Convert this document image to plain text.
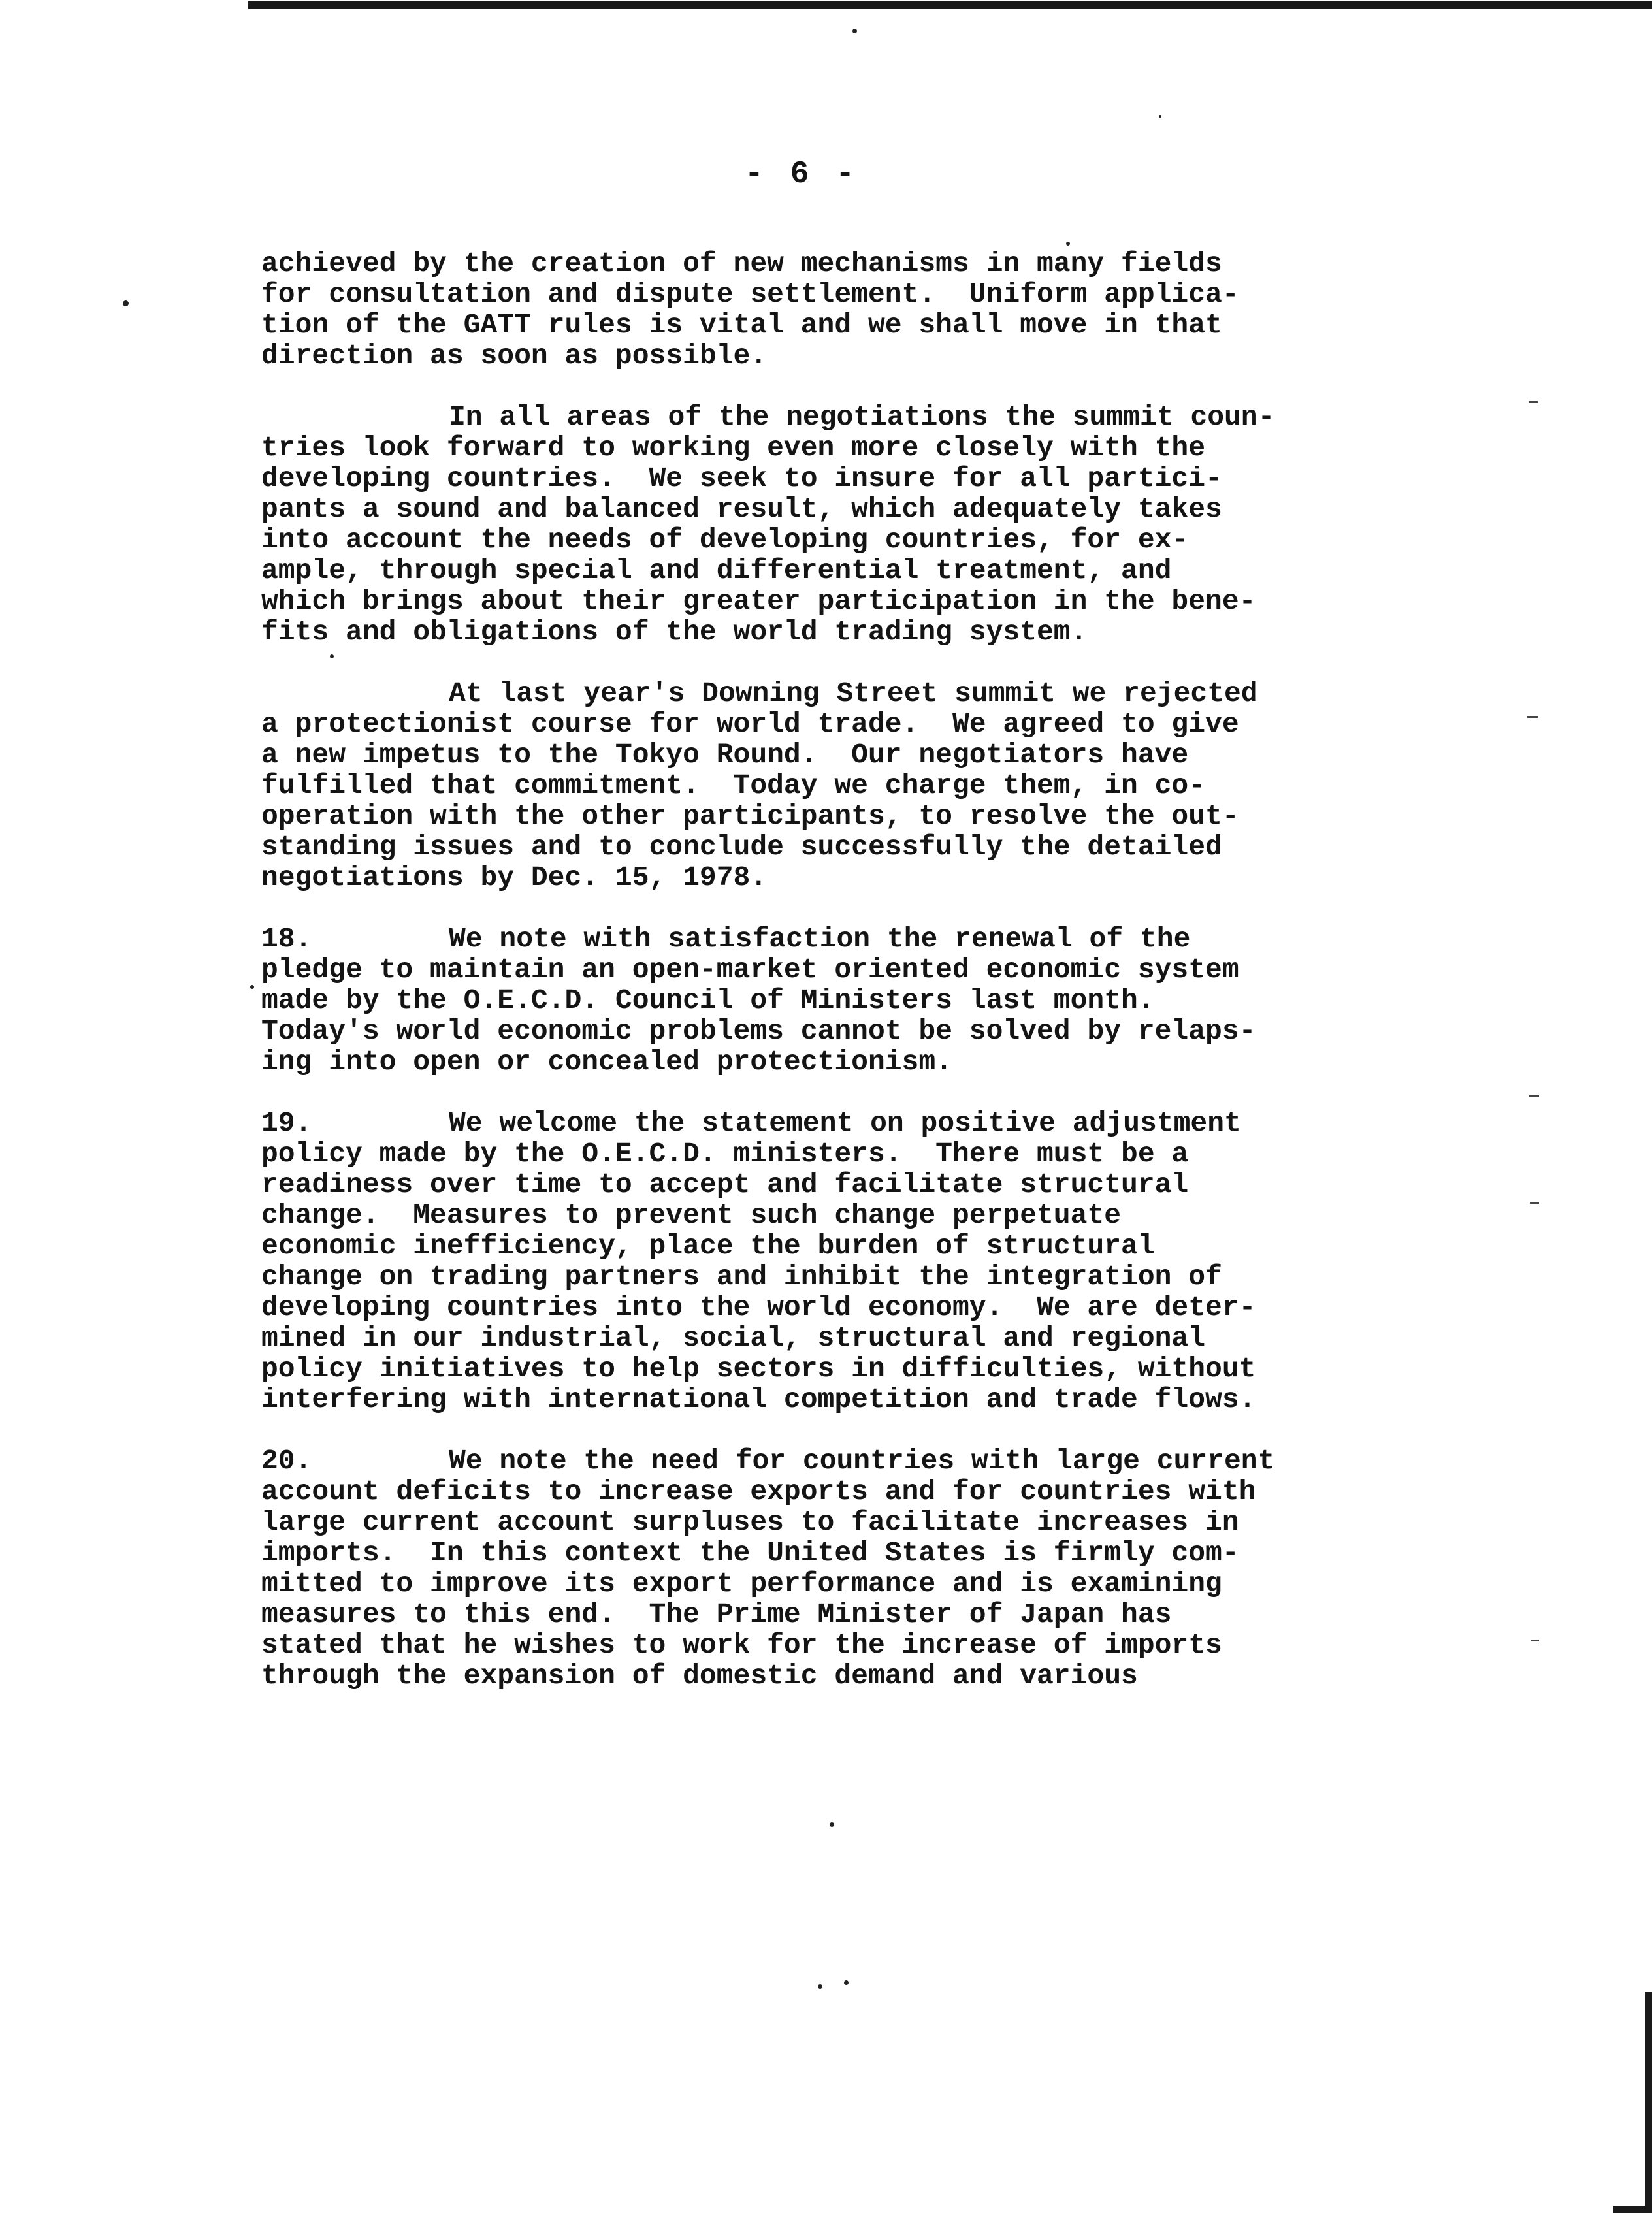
- 6 -
achieved by the creation of new mechanisms in many fields
for consultation and dispute settlement.  Uniform applica-
tion of the GATT rules is vital and we shall move in that
direction as soon as possible.
In all areas of the negotiations the summit coun-
tries look forward to working even more closely with the
developing countries.  We seek to insure for all partici-
pants a sound and balanced result, which adequately takes
into account the needs of developing countries, for ex-
ample, through special and differential treatment, and
which brings about their greater participation in the bene-
fits and obligations of the world trading system.
At last year's Downing Street summit we rejected
a protectionist course for world trade.  We agreed to give
a new impetus to the Tokyo Round.  Our negotiators have
fulfilled that commitment.  Today we charge them, in co-
operation with the other participants, to resolve the out-
standing issues and to conclude successfully the detailed
negotiations by Dec. 15, 1978.
18.	We note with satisfaction the renewal of the
pledge to maintain an open-market oriented economic system
made by the O.E.C.D. Council of Ministers last month.
Today's world economic problems cannot be solved by relaps-
ing into open or concealed protectionism.
19.	We welcome the statement on positive adjustment
policy made by the O.E.C.D. ministers.  There must be a
readiness over time to accept and facilitate structural
change.  Measures to prevent such change perpetuate
economic inefficiency, place the burden of structural
change on trading partners and inhibit the integration of
developing countries into the world economy.  We are deter-
mined in our industrial, social, structural and regional
policy initiatives to help sectors in difficulties, without
interfering with international competition and trade flows.
20.	We note the need for countries with large current
account deficits to increase exports and for countries with
large current account surpluses to facilitate increases in
imports.  In this context the United States is firmly com-
mitted to improve its export performance and is examining
measures to this end.  The Prime Minister of Japan has
stated that he wishes to work for the increase of imports
through the expansion of domestic demand and various
